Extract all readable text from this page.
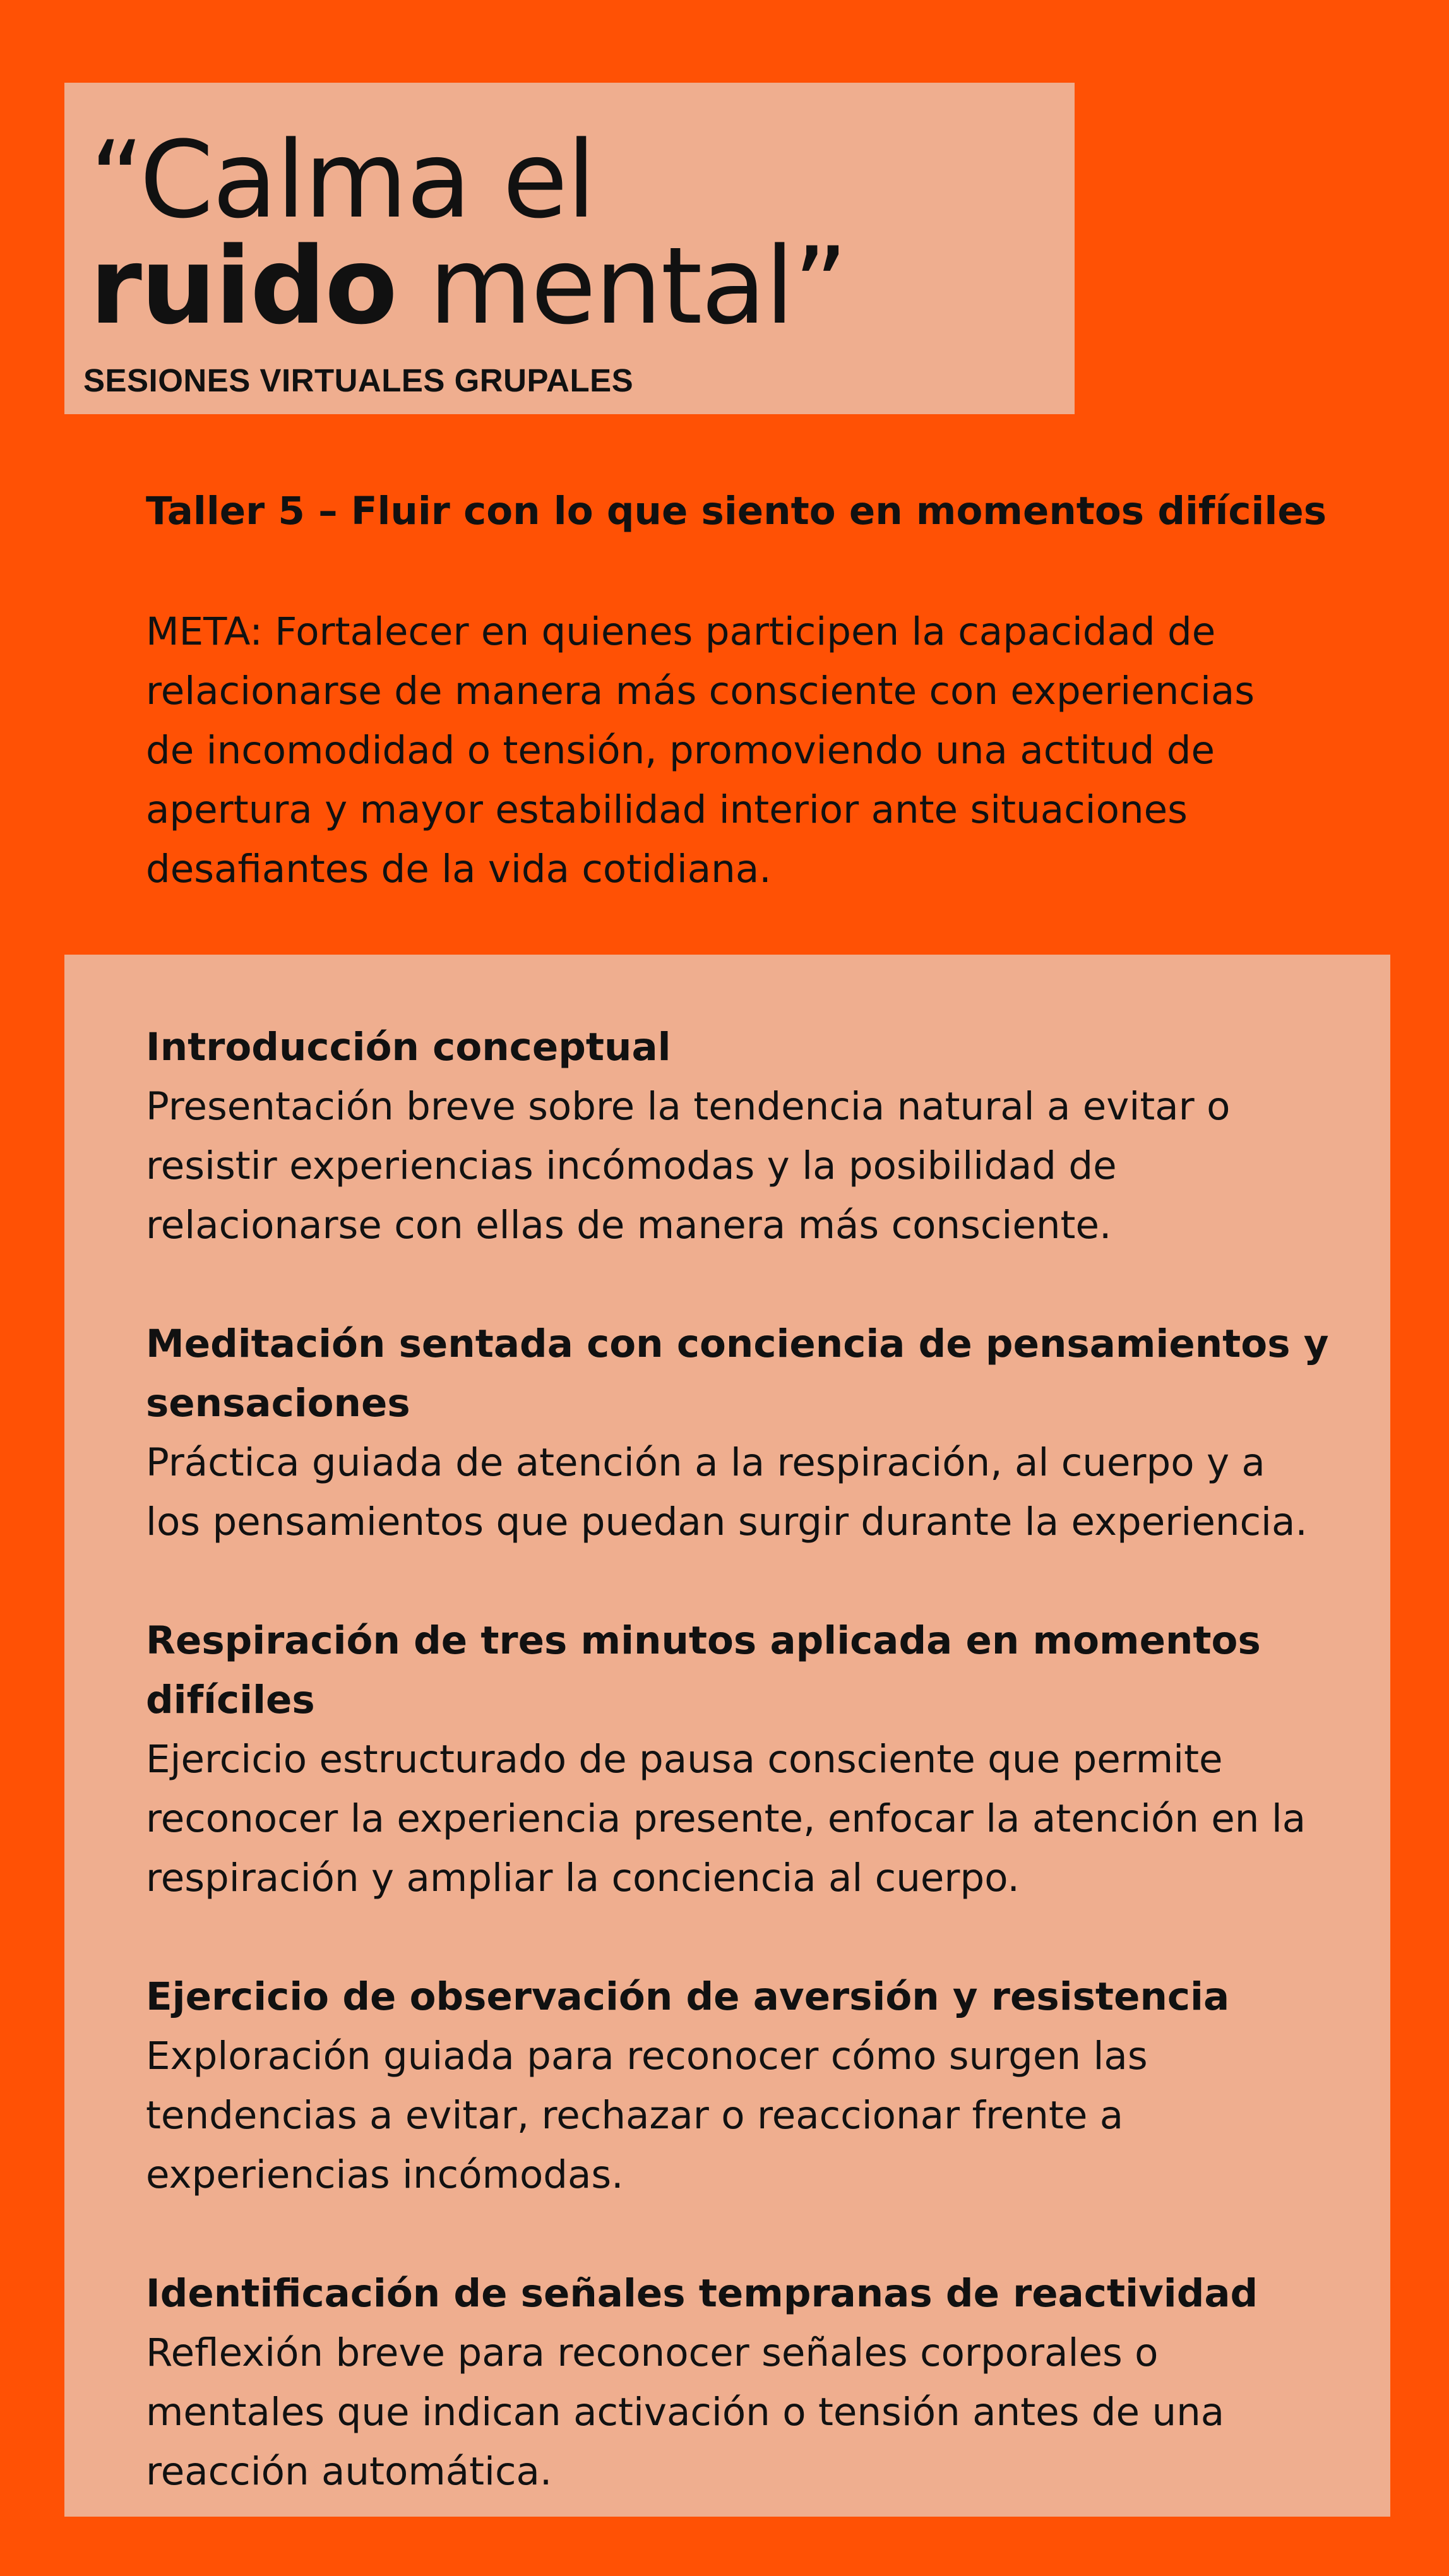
“Calma el
ruido mental”
SESIONES VIRTUALES GRUPALES
Taller 5 – Fluir con lo que siento en momentos difíciles
META: Fortalecer en quienes participen la capacidad de
relacionarse de manera más consciente con experiencias
de incomodidad o tensión, promoviendo una actitud de
apertura y mayor estabilidad interior ante situaciones
desafiantes de la vida cotidiana.
Introducción conceptual
Presentación breve sobre la tendencia natural a evitar o
resistir experiencias incómodas y la posibilidad de
relacionarse con ellas de manera más consciente.
Meditación sentada con conciencia de pensamientos y
sensaciones
Práctica guiada de atención a la respiración, al cuerpo y a
los pensamientos que puedan surgir durante la experiencia.
Respiración de tres minutos aplicada en momentos
difíciles
Ejercicio estructurado de pausa consciente que permite
reconocer la experiencia presente, enfocar la atención en la
respiración y ampliar la conciencia al cuerpo.
Ejercicio de observación de aversión y resistencia
Exploración guiada para reconocer cómo surgen las
tendencias a evitar, rechazar o reaccionar frente a
experiencias incómodas.
Identificación de señales tempranas de reactividad
Reflexión breve para reconocer señales corporales o
mentales que indican activación o tensión antes de una
reacción automática.
